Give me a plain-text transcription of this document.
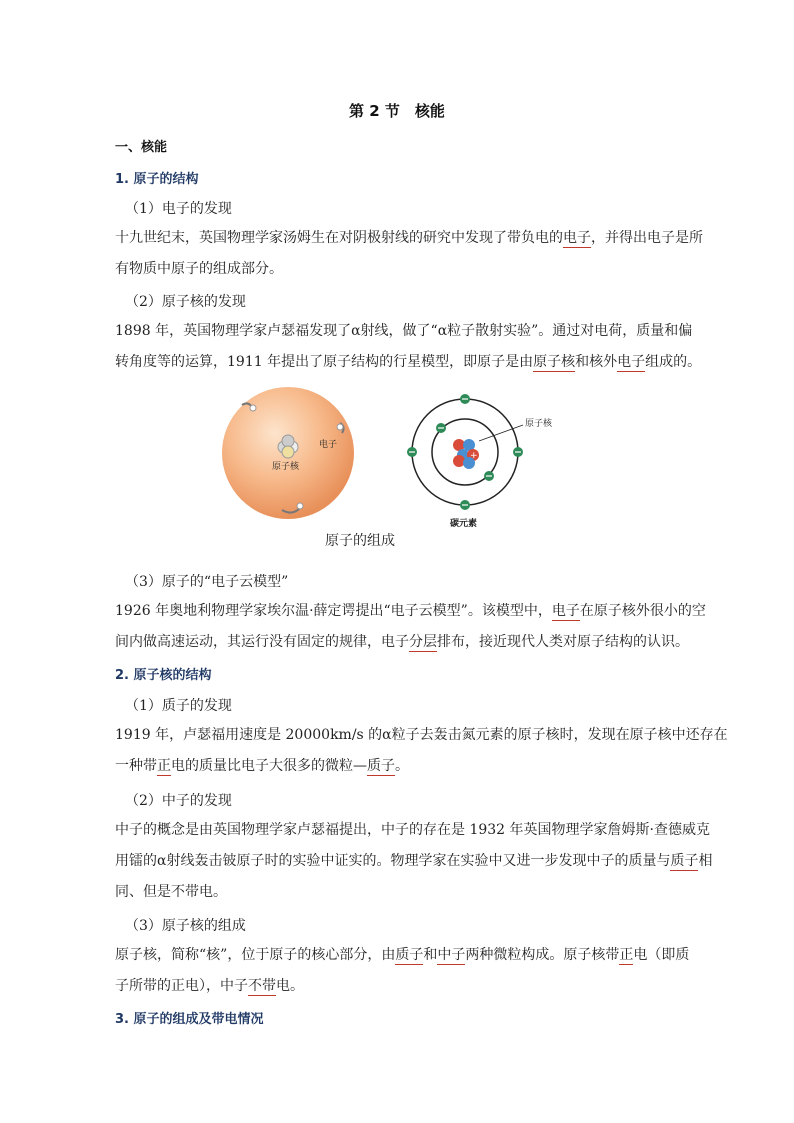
第 2 节　核能
一、核能
1. 原子的结构
（1）电子的发现
十九世纪末，英国物理学家汤姆生在对阴极射线的研究中发现了带负电的电子，并得出电子是所
有物质中原子的组成部分。
（2）原子核的发现
1898 年，英国物理学家卢瑟福发现了α射线，做了“α粒子散射实验”。通过对电荷，质量和偏
转角度等的运算，1911 年提出了原子结构的行星模型，即原子是由原子核和核外电子组成的。
原子核
电子
+
原子核
碳元素
原子的组成
（3）原子的“电子云模型”
1926 年奥地利物理学家埃尔温·薛定谔提出“电子云模型”。该模型中，电子在原子核外很小的空
间内做高速运动，其运行没有固定的规律，电子分层排布，接近现代人类对原子结构的认识。
2. 原子核的结构
（1）质子的发现
1919 年，卢瑟福用速度是 20000km/s 的α粒子去轰击氮元素的原子核时，发现在原子核中还存在
一种带正电的质量比电子大很多的微粒—质子。
（2）中子的发现
中子的概念是由英国物理学家卢瑟福提出，中子的存在是 1932 年英国物理学家詹姆斯·查德威克
用镭的α射线轰击铍原子时的实验中证实的。物理学家在实验中又进一步发现中子的质量与质子相
同、但是不带电。
（3）原子核的组成
原子核，简称“核”，位于原子的核心部分，由质子和中子两种微粒构成。原子核带正电（即质
子所带的正电），中子不带电。
3. 原子的组成及带电情况
